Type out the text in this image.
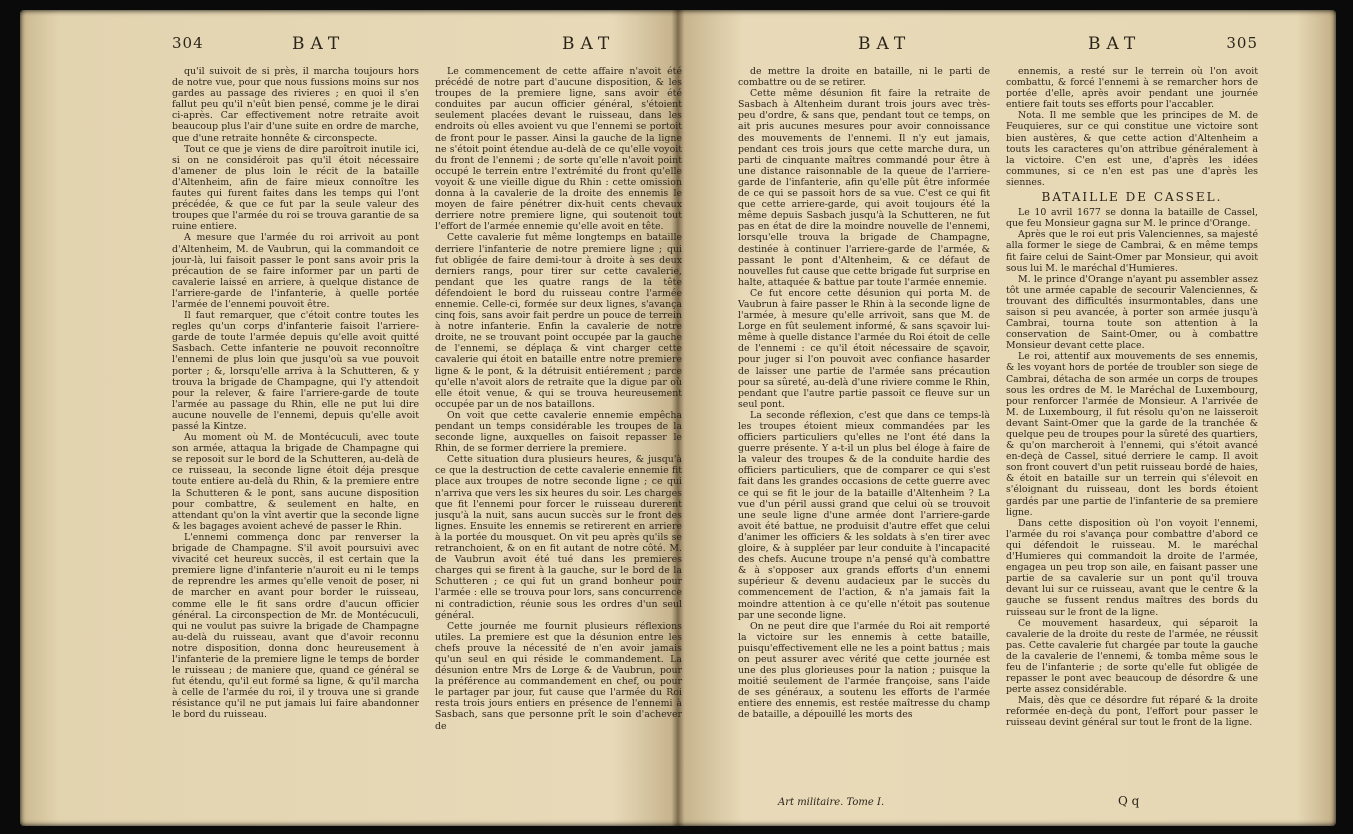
304	BAT	BAT

qu'il suivoit de si près, il marcha toujours hors de notre vue, pour que nous fussions moins sur nos gardes au passage des rivieres ; en quoi il s'en fallut peu qu'il n'eût bien pensé, comme je le dirai ci-après. Car effectivement notre retraite avoit beaucoup plus l'air d'une suite en ordre de marche, que d'une retraite honnête & circonspecte.

Tout ce que je viens de dire paroîtroit inutile ici, si on ne considéroit pas qu'il étoit nécessaire d'amener de plus loin le récit de la bataille d'Altenheim, afin de faire mieux connoître les fautes qui furent faites dans les temps qui l'ont précédée, & que ce fut par la seule valeur des troupes que l'armée du roi se trouva garantie de sa ruine entiere.

A mesure que l'armée du roi arrivoit au pont d'Altenheim, M. de Vaubrun, qui la commandoit ce jour-là, lui faisoit passer le pont sans avoir pris la précaution de se faire informer par un parti de cavalerie laissé en arriere, à quelque distance de l'arriere-garde de l'infanterie, à quelle portée l'armée de l'ennemi pouvoit être.

Il faut remarquer, que c'étoit contre toutes les regles qu'un corps d'infanterie faisoit l'arriere-garde de toute l'armée depuis qu'elle avoit quitté Sasbach. Cette infanterie ne pouvoit reconnoître l'ennemi de plus loin que jusqu'où sa vue pouvoit porter ; &, lorsqu'elle arriva à la Schutteren, & y trouva la brigade de Champagne, qui l'y attendoit pour la relever, & faire l'arriere-garde de toute l'armée au passage du Rhin, elle ne put lui dire aucune nouvelle de l'ennemi, depuis qu'elle avoit passé la Kintze.

Au moment où M. de Montécuculi, avec toute son armée, attaqua la brigade de Champagne qui se reposoit sur le bord de la Schutteren, au-delà de ce ruisseau, la seconde ligne étoit déja presque toute entiere au-delà du Rhin, & la premiere entre la Schutteren & le pont, sans aucune disposition pour combattre, & seulement en halte, en attendant qu'on la vînt avertir que la seconde ligne & les bagages avoient achevé de passer le Rhin.

L'ennemi commença donc par renverser la brigade de Champagne. S'il avoit poursuivi avec vivacité cet heureux succès, il est certain que la premiere ligne d'infanterie n'auroit eu ni le temps de reprendre les armes qu'elle venoit de poser, ni de marcher en avant pour border le ruisseau, comme elle le fit sans ordre d'aucun officier général. La circonspection de Mr. de Montécuculi, qui ne voulut pas suivre la brigade de Champagne au-delà du ruisseau, avant que d'avoir reconnu notre disposition, donna donc heureusement à l'infanterie de la premiere ligne le temps de border le ruisseau ; de maniere que, quand ce général se fut étendu, qu'il eut formé sa ligne, & qu'il marcha à celle de l'armée du roi, il y trouva une si grande résistance qu'il ne put jamais lui faire abandonner le bord du ruisseau.

Le commencement de cette affaire n'avoit été précédé de notre part d'aucune disposition, & les troupes de la premiere ligne, sans avoir été conduites par aucun officier général, s'étoient seulement placées devant le ruisseau, dans les endroits où elles avoient vu que l'ennemi se portoit de front pour le passer. Ainsi la gauche de la ligne ne s'étoit point étendue au-delà de ce qu'elle voyoit du front de l'ennemi ; de sorte qu'elle n'avoit point occupé le terrein entre l'extrémité du front qu'elle voyoit & une vieille digue du Rhin : cette omission donna à la cavalerie de la droite des ennemis le moyen de faire pénétrer dix-huit cents chevaux derriere notre premiere ligne, qui soutenoit tout l'effort de l'armée ennemie qu'elle avoit en tête.

Cette cavalerie fut même longtemps en bataille derriere l'infanterie de notre premiere ligne ; qui fut obligée de faire demi-tour à droite à ses deux derniers rangs, pour tirer sur cette cavalerie, pendant que les quatre rangs de la tête défendoient le bord du ruisseau contre l'armée ennemie. Celle-ci, formée sur deux lignes, s'avança cinq fois, sans avoir fait perdre un pouce de terrein à notre infanterie. Enfin la cavalerie de notre droite, ne se trouvant point occupée par la gauche de l'ennemi, se déplaça & vint charger cette cavalerie qui étoit en bataille entre notre premiere ligne & le pont, & la détruisit entiérement ; parce qu'elle n'avoit alors de retraite que la digue par où elle étoit venue, & qui se trouva heureusement occupée par un de nos bataillons.

On voit que cette cavalerie ennemie empêcha pendant un temps considérable les troupes de la seconde ligne, auxquelles on faisoit repasser le Rhin, de se former derriere la premiere.

Cette situation dura plusieurs heures, & jusqu'à ce que la destruction de cette cavalerie ennemie fit place aux troupes de notre seconde ligne ; ce qui n'arriva que vers les six heures du soir. Les charges que fit l'ennemi pour forcer le ruisseau durerent jusqu'à la nuit, sans aucun succès sur le front des lignes. Ensuite les ennemis se retirerent en arriere à la portée du mousquet. On vit peu après qu'ils se retranchoient, & on en fit autant de notre côté. M. de Vaubrun avoit été tué dans les premieres charges qui se firent à la gauche, sur le bord de la Schutteren ; ce qui fut un grand bonheur pour l'armée : elle se trouva pour lors, sans concurrence ni contradiction, réunie sous les ordres d'un seul général.

Cette journée me fournit plusieurs réflexions utiles. La premiere est que la désunion entre les chefs prouve la nécessité de n'en avoir jamais qu'un seul en qui réside le commandement. La désunion entre Mrs de Lorge & de Vaubrun, pour la préférence au commandement en chef, ou pour le partager par jour, fut cause que l'armée du Roi resta trois jours entiers en présence de l'ennemi à Sasbach, sans que personne prît le soin d'achever de

BAT	BAT	305

de mettre la droite en bataille, ni le parti de combattre ou de se retirer.

Cette même désunion fit faire la retraite de Sasbach à Altenheim durant trois jours avec très-peu d'ordre, & sans que, pendant tout ce temps, on ait pris aucunes mesures pour avoir connoissance des mouvements de l'ennemi. Il n'y eut jamais, pendant ces trois jours que cette marche dura, un parti de cinquante maîtres commandé pour être à une distance raisonnable de la queue de l'arriere-garde de l'infanterie, afin qu'elle pût être informée de ce qui se passoit hors de sa vue. C'est ce qui fit que cette arriere-garde, qui avoit toujours été la même depuis Sasbach jusqu'à la Schutteren, ne fut pas en état de dire la moindre nouvelle de l'ennemi, lorsqu'elle trouva la brigade de Champagne, destinée à continuer l'arriere-garde de l'armée, & passant le pont d'Altenheim, & ce défaut de nouvelles fut cause que cette brigade fut surprise en halte, attaquée & battue par toute l'armée ennemie.

Ce fut encore cette désunion qui porta M. de Vaubrun à faire passer le Rhin à la seconde ligne de l'armée, à mesure qu'elle arrivoit, sans que M. de Lorge en fût seulement informé, & sans sçavoir lui-même à quelle distance l'armée du Roi étoit de celle de l'ennemi : ce qu'il étoit nécessaire de sçavoir, pour juger si l'on pouvoit avec confiance hasarder de laisser une partie de l'armée sans précaution pour sa sûreté, au-delà d'une riviere comme le Rhin, pendant que l'autre partie passoit ce fleuve sur un seul pont.

La seconde réflexion, c'est que dans ce temps-là les troupes étoient mieux commandées par les officiers particuliers qu'elles ne l'ont été dans la guerre présente. Y a-t-il un plus bel éloge à faire de la valeur des troupes & de la conduite hardie des officiers particuliers, que de comparer ce qui s'est fait dans les grandes occasions de cette guerre avec ce qui se fit le jour de la bataille d'Altenheim ? La vue d'un péril aussi grand que celui où se trouvoit une seule ligne d'une armée dont l'arriere-garde avoit été battue, ne produisit d'autre effet que celui d'animer les officiers & les soldats à s'en tirer avec gloire, & à suppléer par leur conduite à l'incapacité des chefs. Aucune troupe n'a pensé qu'à combattre & à s'opposer aux grands efforts d'un ennemi supérieur & devenu audacieux par le succès du commencement de l'action, & n'a jamais fait la moindre attention à ce qu'elle n'étoit pas soutenue par une seconde ligne.

On ne peut dire que l'armée du Roi ait remporté la victoire sur les ennemis à cette bataille, puisqu'effectivement elle ne les a point battus ; mais on peut assurer avec vérité que cette journée est une des plus glorieuses pour la nation ; puisque la moitié seulement de l'armée françoise, sans l'aide de ses généraux, a soutenu les efforts de l'armée entiere des ennemis, est restée maîtresse du champ de bataille, a dépouillé les morts des

ennemis, a resté sur le terrein où l'on avoit combattu, & forcé l'ennemi à se remarcher hors de portée d'elle, après avoir pendant une journée entiere fait touts ses efforts pour l'accabler.

Nota. Il me semble que les principes de M. de Feuquieres, sur ce qui constitue une victoire sont bien austères, & que cette action d'Altenheim a touts les caracteres qu'on attribue généralement à la victoire. C'en est une, d'après les idées communes, si ce n'en est pas une d'après les siennes.

BATAILLE DE CASSEL.

Le 10 avril 1677 se donna la bataille de Cassel, que feu Monsieur gagna sur M. le prince d'Orange.

Après que le roi eut pris Valenciennes, sa majesté alla former le siege de Cambrai, & en même temps fit faire celui de Saint-Omer par Monsieur, qui avoit sous lui M. le maréchal d'Humieres.

M. le prince d'Orange n'ayant pu assembler assez tôt une armée capable de secourir Valenciennes, & trouvant des difficultés insurmontables, dans une saison si peu avancée, à porter son armée jusqu'à Cambrai, tourna toute son attention à la conservation de Saint-Omer, ou à combattre Monsieur devant cette place.

Le roi, attentif aux mouvements de ses ennemis, & les voyant hors de portée de troubler son siege de Cambrai, détacha de son armée un corps de troupes sous les ordres de M. le Maréchal de Luxembourg, pour renforcer l'armée de Monsieur. A l'arrivée de M. de Luxembourg, il fut résolu qu'on ne laisseroit devant Saint-Omer que la garde de la tranchée & quelque peu de troupes pour la sûreté des quartiers, & qu'on marcheroit à l'ennemi, qui s'étoit avancé en-deçà de Cassel, situé derriere le camp. Il avoit son front couvert d'un petit ruisseau bordé de haies, & étoit en bataille sur un terrein qui s'élevoit en s'éloignant du ruisseau, dont les bords étoient gardés par une partie de l'infanterie de sa premiere ligne.

Dans cette disposition où l'on voyoit l'ennemi, l'armée du roi s'avança pour combattre d'abord ce qui défendoit le ruisseau. M. le maréchal d'Humieres qui commandoit la droite de l'armée, engagea un peu trop son aile, en faisant passer une partie de sa cavalerie sur un pont qu'il trouva devant lui sur ce ruisseau, avant que le centre & la gauche se fussent rendus maîtres des bords du ruisseau sur le front de la ligne.

Ce mouvement hasardeux, qui séparoit la cavalerie de la droite du reste de l'armée, ne réussit pas. Cette cavalerie fut chargée par toute la gauche de la cavalerie de l'ennemi, & tomba même sous le feu de l'infanterie ; de sorte qu'elle fut obligée de repasser le pont avec beaucoup de désordre & une perte assez considérable.

Mais, dès que ce désordre fut réparé & la droite reformée en-deçà du pont, l'effort pour passer le ruisseau devint général sur tout le front de la ligne.

Art militaire. Tome I.	Q q
